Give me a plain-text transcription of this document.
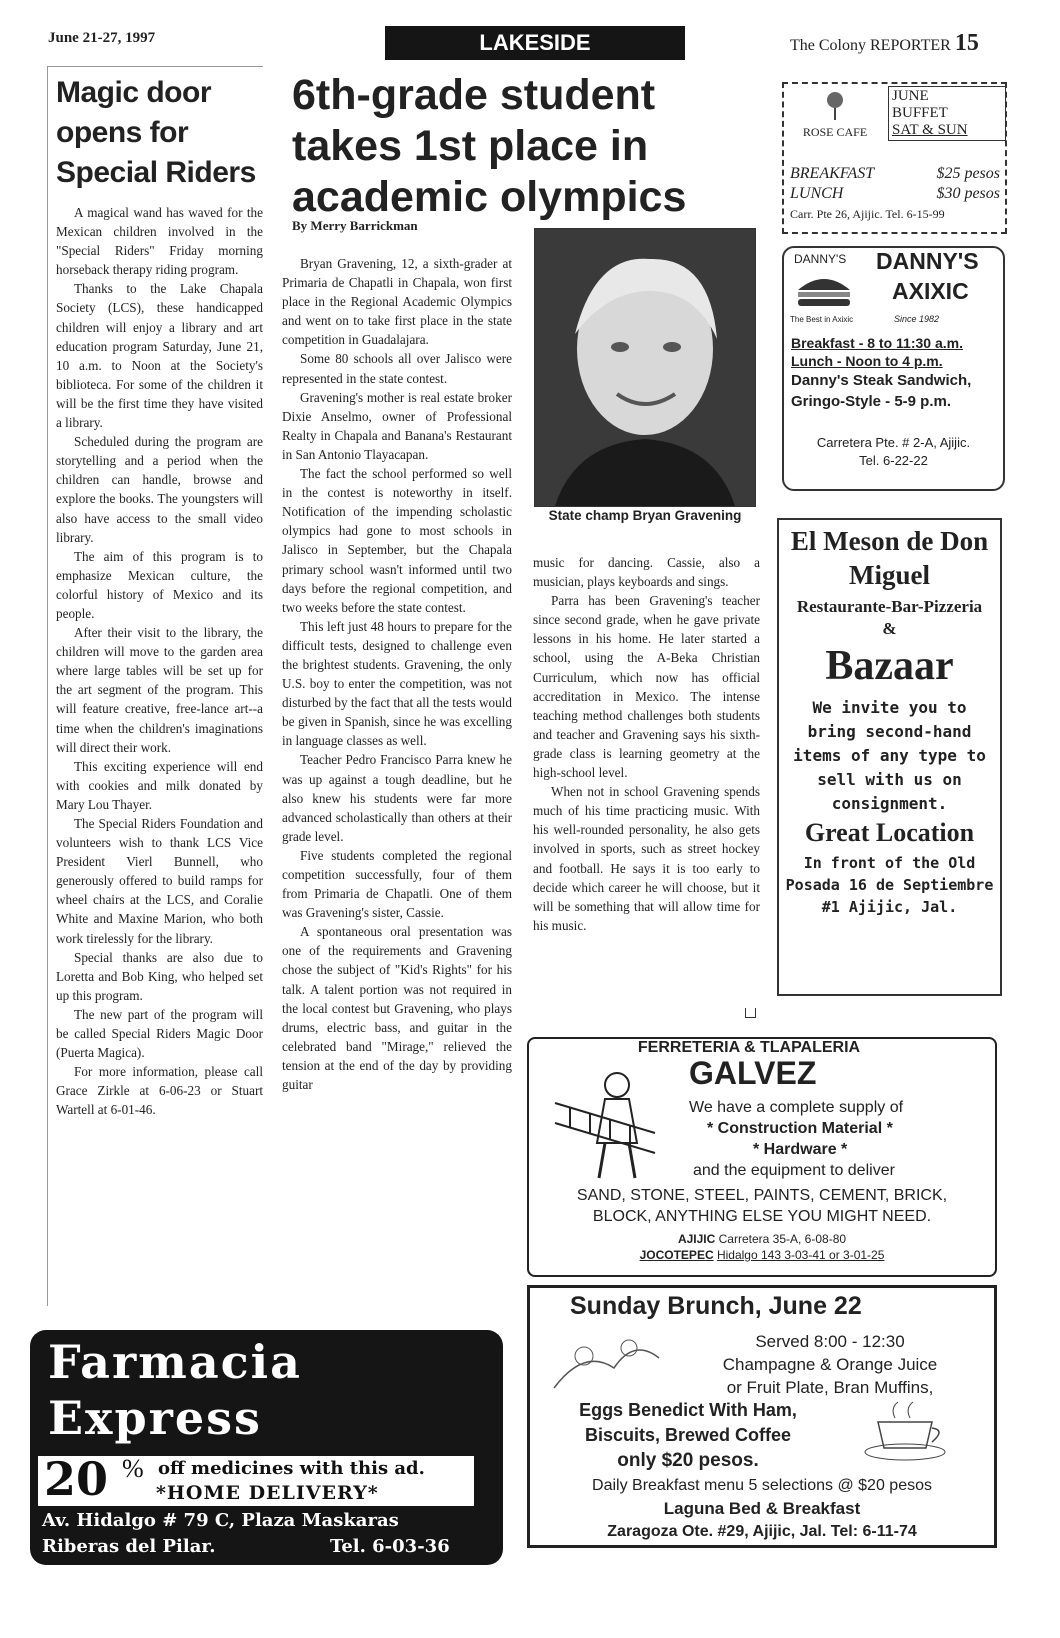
June 21-27, 1997	LAKESIDE	The Colony REPORTER 15
Magic door opens for Special Riders

A magical wand has waved for the Mexican children involved in the "Special Riders" Friday morning horseback therapy riding program.

Thanks to the Lake Chapala Society (LCS), these handicapped children will enjoy a library and art education program Saturday, June 21, 10 a.m. to Noon at the Society's biblioteca. For some of the children it will be the first time they have visited a library.

Scheduled during the program are storytelling and a period when the children can handle, browse and explore the books. The youngsters will also have access to the small video library.

The aim of this program is to emphasize Mexican culture, the colorful history of Mexico and its people.

After their visit to the library, the children will move to the garden area where large tables will be set up for the art segment of the program. This will feature creative, free-lance art--a time when the children's imaginations will direct their work.

This exciting experience will end with cookies and milk donated by Mary Lou Thayer.

The Special Riders Foundation and volunteers wish to thank LCS Vice President Vierl Bunnell, who generously offered to build ramps for wheel chairs at the LCS, and Coralie White and Maxine Marion, who both work tirelessly for the library.

Special thanks are also due to Loretta and Bob King, who helped set up this program.

The new part of the program will be called Special Riders Magic Door (Puerta Magica).

For more information, please call Grace Zirkle at 6-06-23 or Stuart Wartell at 6-01-46.

6th-grade student takes 1st place in academic olympics
By Merry Barrickman
State champ Bryan Gravening

Bryan Gravening, 12, a sixth-grader at Primaria de Chapatli in Chapala, won first place in the Regional Academic Olympics and went on to take first place in the state competition in Guadalajara.

Some 80 schools all over Jalisco were represented in the state contest.

Gravening's mother is real estate broker Dixie Anselmo, owner of Professional Realty in Chapala and Banana's Restaurant in San Antonio Tlayacapan.

The fact the school performed so well in the contest is noteworthy in itself. Notification of the impending scholastic olympics had gone to most schools in Jalisco in September, but the Chapala primary school wasn't informed until two days before the regional competition, and two weeks before the state contest.

This left just 48 hours to prepare for the difficult tests, designed to challenge even the brightest students. Gravening, the only U.S. boy to enter the competition, was not disturbed by the fact that all the tests would be given in Spanish, since he was excelling in language classes as well.

Teacher Pedro Francisco Parra knew he was up against a tough deadline, but he also knew his students were far more advanced scholastically than others at their grade level.

Five students completed the regional competition successfully, four of them from Primaria de Chapatli. One of them was Gravening's sister, Cassie.

A spontaneous oral presentation was one of the requirements and Gravening chose the subject of "Kid's Rights" for his talk. A talent portion was not required in the local contest but Gravening, who plays drums, electric bass, and guitar in the celebrated band "Mirage," relieved the tension at the end of the day by providing guitar

music for dancing. Cassie, also a musician, plays keyboards and sings.

Parra has been Gravening's teacher since second grade, when he gave private lessons in his home. He later started a school, using the A-Beka Christian Curriculum, which now has official accreditation in Mexico. The intense teaching method challenges both students and teacher and Gravening says his sixth-grade class is learning geometry at the high-school level.

When not in school Gravening spends much of his time practicing music. With his well-rounded personality, he also gets involved in sports, such as street hockey and football. He says it is too early to decide which career he will choose, but it will be something that will allow time for his music.

ROSE CAFE
JUNE
BUFFET
SAT & SUN
BREAKFAST	$25 pesos
LUNCH	$30 pesos
Carr. Pte 26, Ajijic. Tel. 6-15-99
DANNY'S DANNY'S
AXIXIC
The Best in Axixic	Since 1982
Breakfast - 8 to 11:30 a.m.
Lunch - Noon to 4 p.m.
Danny's Steak Sandwich, Gringo-Style - 5-9 p.m.
Carretera Pte. # 2-A, Ajijic.
Tel. 6-22-22
El Meson de Don Miguel
Restaurante-Bar-Pizzeria &
Bazaar
We invite you to bring second-hand items of any type to sell with us on consignment.
Great Location
In front of the Old Posada 16 de Septiembre #1 Ajijic, Jal.
FERRETERIA & TLAPALERIA
GALVEZ
We have a complete supply of
* Construction Material *
* Hardware *
and the equipment to deliver
SAND, STONE, STEEL, PAINTS, CEMENT, BRICK,
BLOCK, ANYTHING ELSE YOU MIGHT NEED.
AJIJIC Carretera 35-A, 6-08-80
JOCOTEPEC Hidalgo 143 3-03-41 or 3-01-25
Sunday Brunch, June 22
Served 8:00 - 12:30
Champagne & Orange Juice
or Fruit Plate, Bran Muffins,
Eggs Benedict With Ham,
Biscuits, Brewed Coffee
only $20 pesos.
Daily Breakfast menu 5 selections @ $20 pesos
Laguna Bed & Breakfast
Zaragoza Ote. #29, Ajijic, Jal. Tel: 6-11-74
Farmacia
Express
20 % off medicines with this ad.
*HOME DELIVERY*
Av. Hidalgo # 79 C, Plaza Maskaras
Riberas del Pilar.	Tel. 6-03-36
